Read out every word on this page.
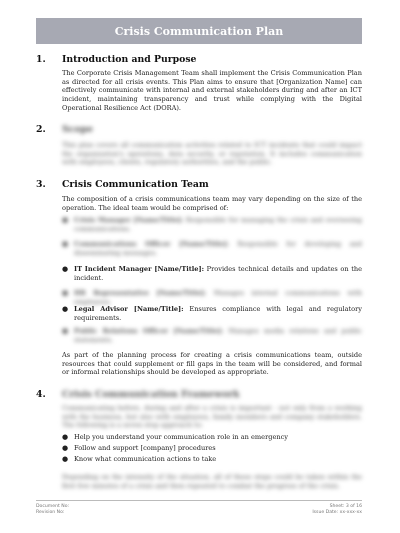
Crisis Communication Plan
1.	Introduction and Purpose
The Corporate Crisis Management Team shall implement the Crisis Communication Plan as directed for all crisis events. This Plan aims to ensure that [Organization Name] can effectively communicate with internal and external stakeholders during and after an ICT incident, maintaining transparency and trust while complying with the Digital Operational Resilience Act (DORA).
2.	Scope
This plan covers all communication activities related to ICT incidents that could impact the organization's operations, data security, or reputation. It includes communication with employees, clients, regulatory authorities, and the public.
3.	Crisis Communication Team
The composition of a crisis communications team may vary depending on the size of the operation. The ideal team would be comprised of:
● Crisis Manager [Name/Title]: Responsible for managing the crisis and overseeing communications.
● Communications Officer [Name/Title]: Responsible for developing and disseminating messages.
● IT Incident Manager [Name/Title]: Provides technical details and updates on the incident.
● HR Representative [Name/Title]: Manages internal communications with employees.
● Legal Advisor [Name/Title]: Ensures compliance with legal and regulatory requirements.
● Public Relations Officer [Name/Title]: Manages media relations and public statements.
As part of the planning process for creating a crisis communications team, outside resources that could supplement or fill gaps in the team will be considered, and formal or informal relationships should be developed as appropriate.
4.	Crisis Communication Framework
Communicating before, during and after a crisis is important - not only from a working with the business, but also with employees, family members and company stakeholders. The following is a seven step approach to:
● Help you understand your communication role in an emergency
● Follow and support [company] procedures
● Know what communication actions to take
Depending on the intensity of the situation, all of these steps could be taken within the first few minutes of a crisis and then repeated to combat the progress of the crisis.
Document No:
Revision No:
Sheet: 3 of 16
Issue Date: xx-xxx-xx
